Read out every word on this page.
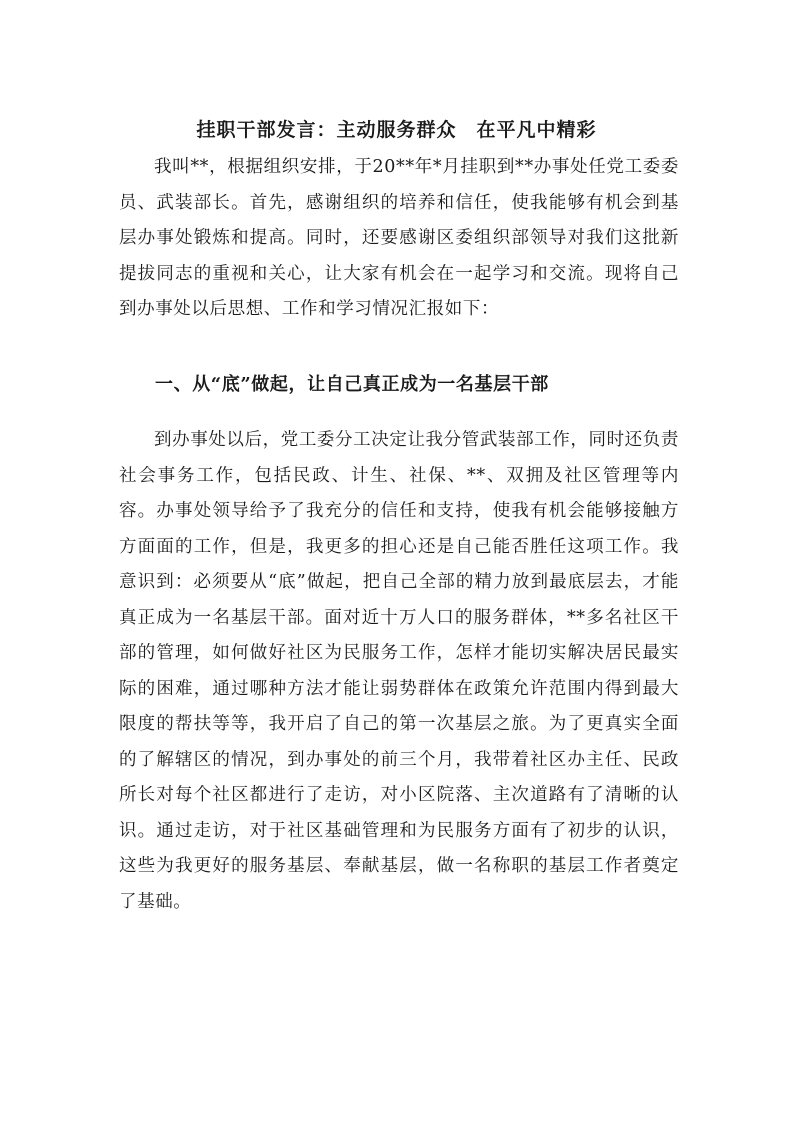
挂职干部发言：主动服务群众　在平凡中精彩

我叫**，根据组织安排，于20**年*月挂职到**办事处任党工委委员、武装部长。首先，感谢组织的培养和信任，使我能够有机会到基层办事处锻炼和提高。同时，还要感谢区委组织部领导对我们这批新提拔同志的重视和关心，让大家有机会在一起学习和交流。现将自己到办事处以后思想、工作和学习情况汇报如下：

一、从“底”做起，让自己真正成为一名基层干部

到办事处以后，党工委分工决定让我分管武装部工作，同时还负责社会事务工作，包括民政、计生、社保、**、双拥及社区管理等内容。办事处领导给予了我充分的信任和支持，使我有机会能够接触方方面面的工作，但是，我更多的担心还是自己能否胜任这项工作。我意识到：必须要从“底”做起，把自己全部的精力放到最底层去，才能真正成为一名基层干部。面对近十万人口的服务群体，**多名社区干部的管理，如何做好社区为民服务工作，怎样才能切实解决居民最实际的困难，通过哪种方法才能让弱势群体在政策允许范围内得到最大限度的帮扶等等，我开启了自己的第一次基层之旅。为了更真实全面的了解辖区的情况，到办事处的前三个月，我带着社区办主任、民政所长对每个社区都进行了走访，对小区院落、主次道路有了清晰的认识。通过走访，对于社区基础管理和为民服务方面有了初步的认识，这些为我更好的服务基层、奉献基层，做一名称职的基层工作者奠定了基础。
